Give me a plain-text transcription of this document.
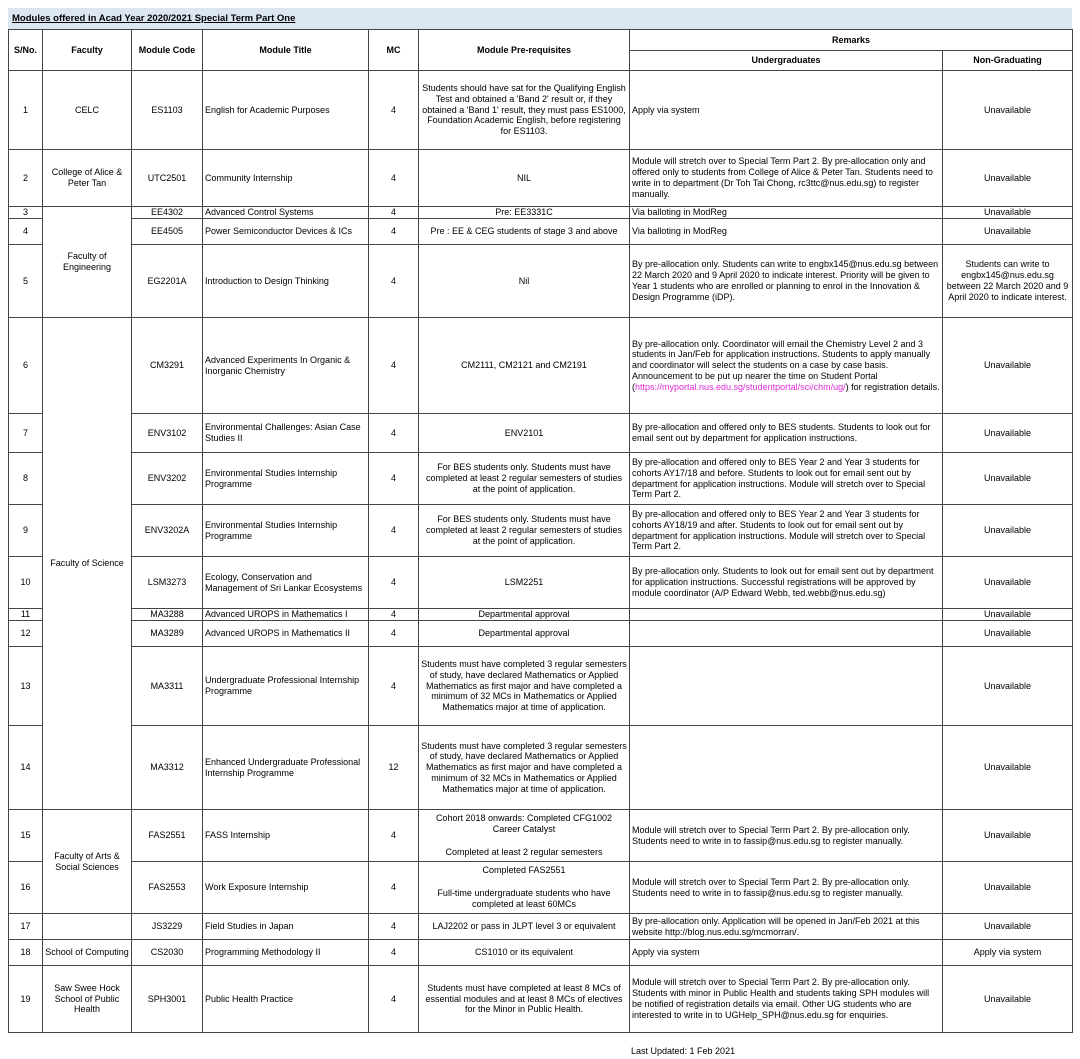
Modules offered in Acad Year 2020/2021 Special Term Part One
S/No.	Faculty	Module Code	Module Title	MC	Module Pre-requisites	Remarks	
						Undergraduates	Non-Graduating
1	CELC	ES1103	English for Academic Purposes	4	Students should have sat for the Qualifying English Test and obtained a 'Band 2' result or, if they obtained a 'Band 1' result, they must pass ES1000, Foundation Academic English, before registering for ES1103.	Apply via system	Unavailable
2	College of Alice & Peter Tan	UTC2501	Community Internship	4	NIL	Module will stretch over to Special Term Part 2. By pre-allocation only and offered only to students from College of Alice & Peter Tan. Students need to write in to department (Dr Toh Tai Chong, rc3ttc@nus.edu.sg) to register manually.	Unavailable
3	Faculty of Engineering	EE4302	Advanced Control Systems	4	Pre: EE3331C	Via balloting in ModReg	Unavailable
4		EE4505	Power Semiconductor Devices & ICs	4	Pre : EE & CEG students of stage 3 and above	Via balloting in ModReg	Unavailable
5		EG2201A	Introduction to Design Thinking	4	Nil	By pre-allocation only. Students can write to engbx145@nus.edu.sg between 22 March 2020 and 9 April 2020 to indicate interest. Priority will be given to Year 1 students who are enrolled or planning to enrol in the Innovation & Design Programme (iDP).	Students can write to engbx145@nus.edu.sg between 22 March 2020 and 9 April 2020 to indicate interest.
6	Faculty of Science	CM3291	Advanced Experiments In Organic & Inorganic Chemistry	4	CM2111, CM2121 and CM2191	By pre-allocation only. Coordinator will email the Chemistry Level 2 and 3 students in Jan/Feb for application instructions. Students to apply manually and coordinator will select the students on a case by case basis. Announcement to be put up nearer the time on Student Portal (https://myportal.nus.edu.sg/studentportal/sci/chm/ug/) for registration details.	Unavailable
7		ENV3102	Environmental Challenges: Asian Case Studies II	4	ENV2101	By pre-allocation and offered only to BES students. Students to look out for email sent out by department for application instructions.	Unavailable
8		ENV3202	Environmental Studies Internship Programme	4	For BES students only. Students must have completed at least 2 regular semesters of studies at the point of application.	By pre-allocation and offered only to BES Year 2 and Year 3 students for cohorts AY17/18 and before. Students to look out for email sent out by department for application instructions. Module will stretch over to Special Term Part 2.	Unavailable
9		ENV3202A	Environmental Studies Internship Programme	4	For BES students only. Students must have completed at least 2 regular semesters of studies at the point of application.	By pre-allocation and offered only to BES Year 2 and Year 3 students for cohorts AY18/19 and after. Students to look out for email sent out by department for application instructions. Module will stretch over to Special Term Part 2.	Unavailable
10		LSM3273	Ecology, Conservation and Management of Sri Lankar Ecosystems	4	LSM2251	By pre-allocation only. Students to look out for email sent out by department for application instructions. Successful registrations will be approved by module coordinator (A/P Edward Webb, ted.webb@nus.edu.sg)	Unavailable
11		MA3288	Advanced UROPS in Mathematics I	4	Departmental approval		Unavailable
12		MA3289	Advanced UROPS in Mathematics II	4	Departmental approval		Unavailable
13		MA3311	Undergraduate Professional Internship Programme	4	Students must have completed 3 regular semesters of study, have declared Mathematics or Applied Mathematics as first major and have completed a minimum of 32 MCs in Mathematics or Applied Mathematics major at time of application.		Unavailable
14		MA3312	Enhanced Undergraduate Professional Internship Programme	12	Students must have completed 3 regular semesters of study, have declared Mathematics or Applied Mathematics as first major and have completed a minimum of 32 MCs in Mathematics or Applied Mathematics major at time of application.		Unavailable
15	Faculty of Arts & Social Sciences	FAS2551	FASS Internship	4	Cohort 2018 onwards: Completed CFG1002 Career Catalyst
Completed at least 2 regular semesters	Module will stretch over to Special Term Part 2. By pre-allocation only. Students need to write in to fassip@nus.edu.sg to register manually.	Unavailable
16		FAS2553	Work Exposure Internship	4	Completed FAS2551
Full-time undergraduate students who have completed at least 60MCs	Module will stretch over to Special Term Part 2. By pre-allocation only. Students need to write in to fassip@nus.edu.sg to register manually.	Unavailable
17		JS3229	Field Studies in Japan	4	LAJ2202 or pass in JLPT level 3 or equivalent	By pre-allocation only. Application will be opened in Jan/Feb 2021 at this website http://blog.nus.edu.sg/mcmorran/.	Unavailable
18	School of Computing	CS2030	Programming Methodology II	4	CS1010 or its equivalent	Apply via system	Apply via system
19	Saw Swee Hock School of Public Health	SPH3001	Public Health Practice	4	Students must have completed at least 8 MCs of essential modules and at least 8 MCs of electives for the Minor in Public Health.	Module will stretch over to Special Term Part 2. By pre-allocation only. Students with minor in Public Health and students taking SPH modules will be notified of registration details via email. Other UG students who are interested to write in to UGHelp_SPH@nus.edu.sg for enquiries.	Unavailable
Last Updated: 1 Feb 2021
